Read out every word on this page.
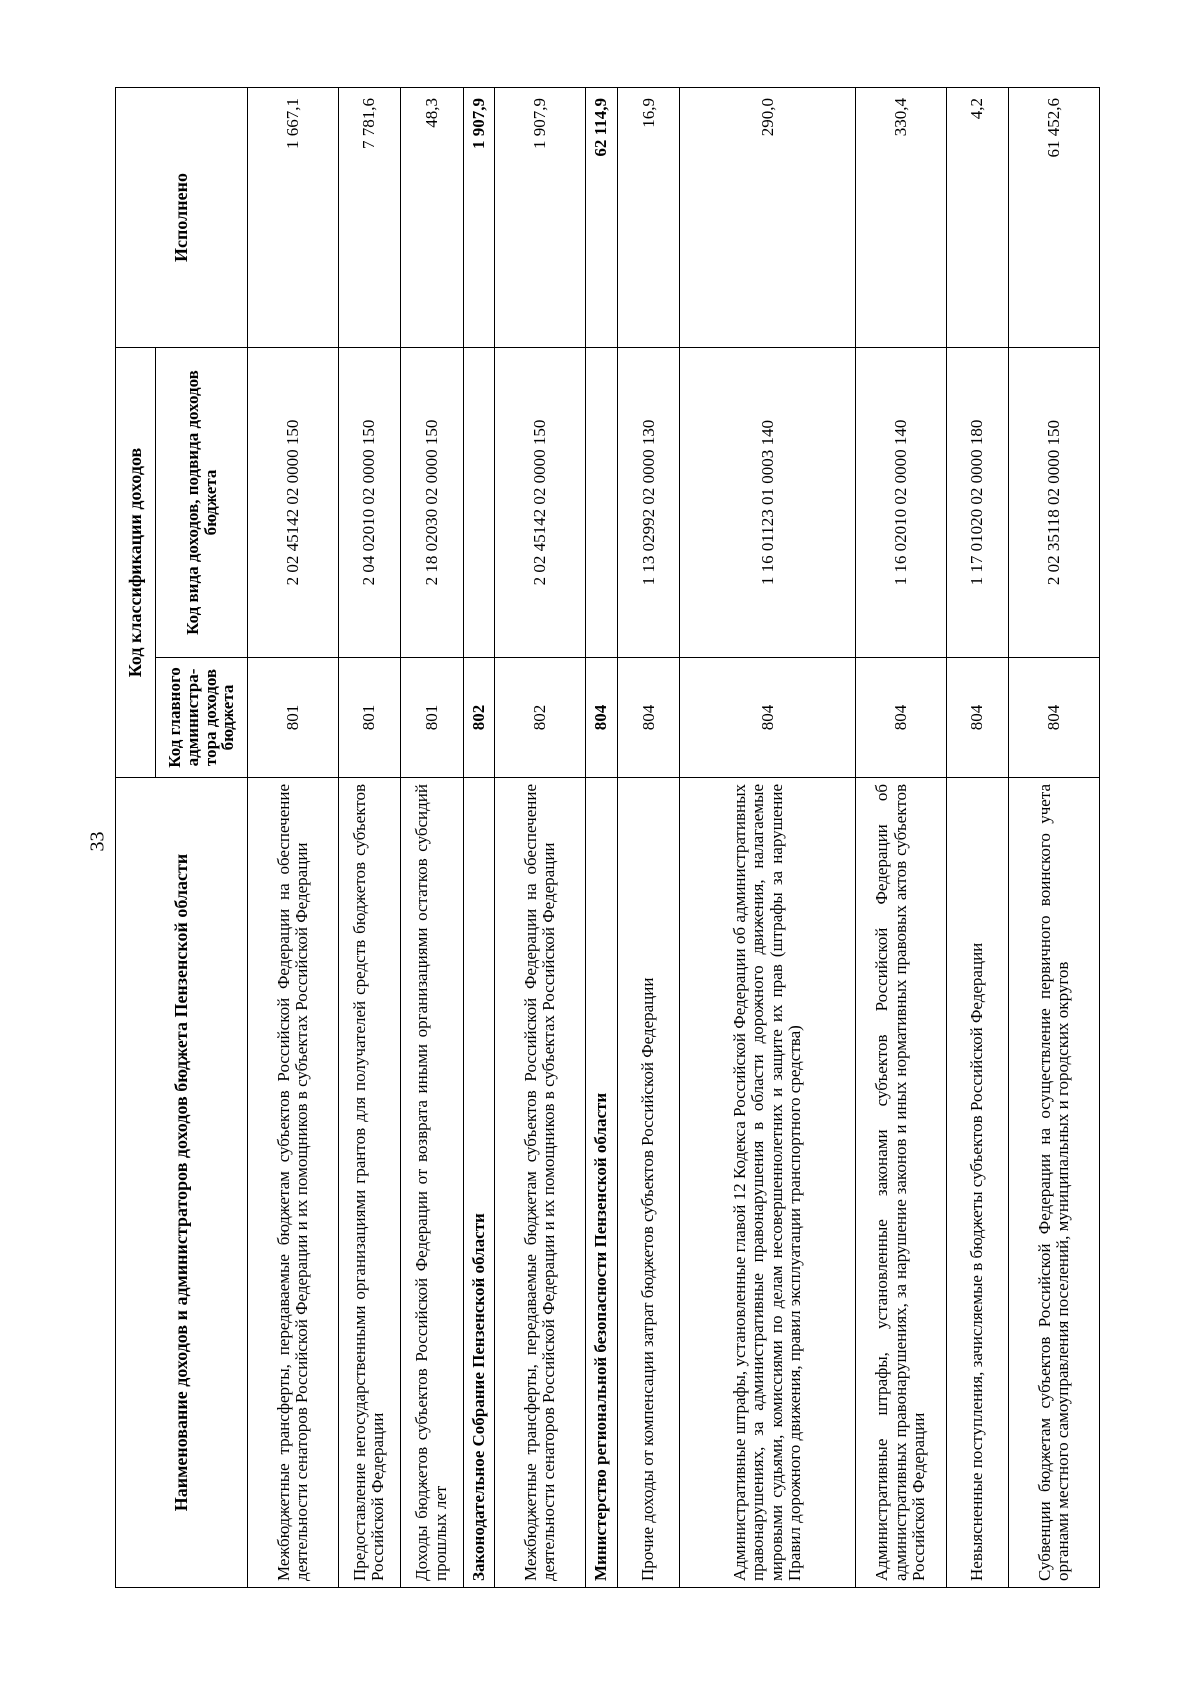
33
Наименование доходов и администраторов доходов бюджета Пензенской области	Код классификации доходов		Исполнено
	Код главного администра-тора доходов бюджета	Код вида доходов, подвида доходов бюджета	
Межбюджетные трансферты, передаваемые бюджетам субъектов Российской Федерации на обеспечение деятельности сенаторов Российской Федерации и их помощников в субъектах Российской Федерации	801	2 02 45142 02 0000 150	1 667,1
Предоставление негосударственными организациями грантов для получателей средств бюджетов субъектов Российской Федерации	801	2 04 02010 02 0000 150	7 781,6
Доходы бюджетов субъектов Российской Федерации от возврата иными организациями остатков субсидий прошлых лет	801	2 18 02030 02 0000 150	48,3
Законодательное Собрание Пензенской области	802		1 907,9
Межбюджетные трансферты, передаваемые бюджетам субъектов Российской Федерации на обеспечение деятельности сенаторов Российской Федерации и их помощников в субъектах Российской Федерации	802	2 02 45142 02 0000 150	1 907,9
Министерство региональной безопасности Пензенской области	804		62 114,9
Прочие доходы от компенсации затрат бюджетов субъектов Российской Федерации	804	1 13 02992 02 0000 130	16,9
Административные штрафы, установленные главой 12 Кодекса Российской Федерации об административных правонарушениях, за административные правонарушения в области дорожного движения, налагаемые мировыми судьями, комиссиями по делам несовершеннолетних и защите их прав (штрафы за нарушение Правил дорожного движения, правил эксплуатации транспортного средства)	804	1 16 01123 01 0003 140	290,0
Административные штрафы, установленные законами субъектов Российской Федерации об административных правонарушениях, за нарушение законов и иных нормативных правовых актов субъектов Российской Федерации	804	1 16 02010 02 0000 140	330,4
Невыясненные поступления, зачисляемые в бюджеты субъектов Российской Федерации	804	1 17 01020 02 0000 180	4,2
Субвенции бюджетам субъектов Российской Федерации на осуществление первичного воинского учета органами местного самоуправления поселений, муниципальных и городских округов	804	2 02 35118 02 0000 150	61 452,6
